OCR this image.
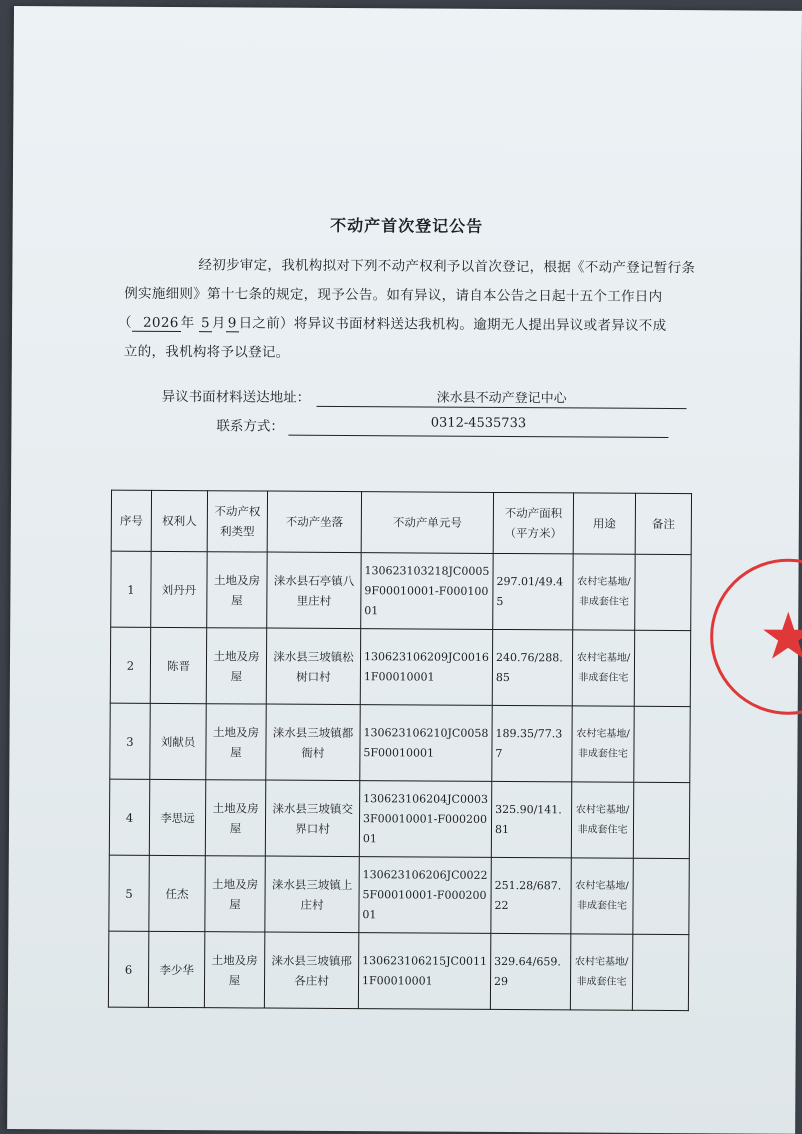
不动产首次登记公告
经初步审定，我机构拟对下列不动产权利予以首次登记，根据《不动产登记暂行条
例实施细则》第十七条的规定，现予公告。如有异议，请自本公告之日起十五个工作日内
（ 2026 年 5 月 9 日之前）将异议书面材料送达我机构。逾期无人提出异议或者异议不成
立的，我机构将予以登记。
异议书面材料送达地址：	涞水县不动产登记中心
联系方式：	0312-4535733
序号	权利人	不动产权利类型	不动产坐落	不动产单元号	不动产面积（平方米）	用途	备注
1	刘丹丹	土地及房屋	涞水县石亭镇八里庄村	130623103218JC00059F00010001-F00010001	297.01/49.45	农村宅基地/非成套住宅	
2	陈晋	土地及房屋	涞水县三坡镇松树口村	130623106209JC00161F00010001	240.76/288.85	农村宅基地/非成套住宅	
3	刘献员	土地及房屋	涞水县三坡镇都衙村	130623106210JC00585F00010001	189.35/77.37	农村宅基地/非成套住宅	
4	李思远	土地及房屋	涞水县三坡镇交界口村	130623106204JC00033F00010001-F00020001	325.90/141.81	农村宅基地/非成套住宅	
5	任杰	土地及房屋	涞水县三坡镇上庄村	130623106206JC00225F00010001-F00020001	251.28/687.22	农村宅基地/非成套住宅	
6	李少华	土地及房屋	涞水县三坡镇邢各庄村	130623106215JC00111F00010001	329.64/659.29	农村宅基地/非成套住宅	
